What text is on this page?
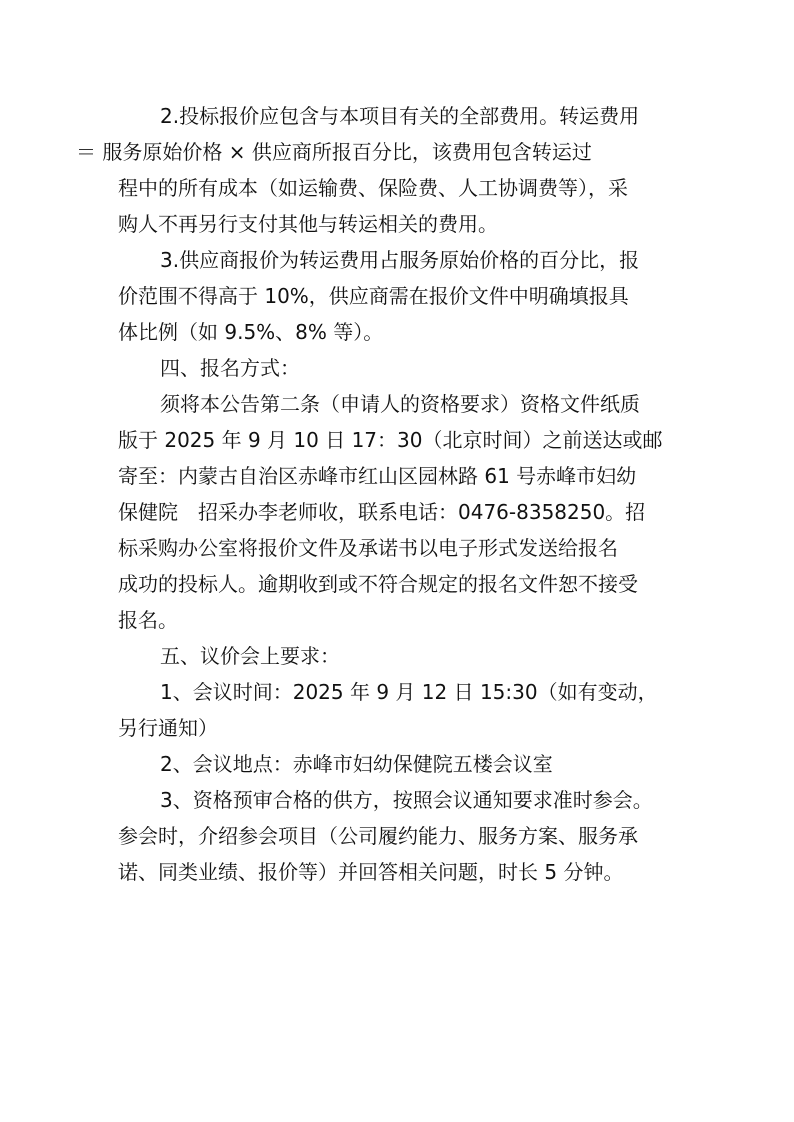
2.投标报价应包含与本项目有关的全部费用。转运费用
＝ 服务原始价格 × 供应商所报百分比，该费用包含转运过
程中的所有成本（如运输费、保险费、人工协调费等），采
购人不再另行支付其他与转运相关的费用。

3.供应商报价为转运费用占服务原始价格的百分比，报
价范围不得高于 10%，供应商需在报价文件中明确填报具
体比例（如 9.5%、8% 等）。

四、报名方式：

须将本公告第二条（申请人的资格要求）资格文件纸质
版于 2025 年 9 月 10 日 17：30（北京时间）之前送达或邮
寄至：内蒙古自治区赤峰市红山区园林路 61 号赤峰市妇幼
保健院　招采办李老师收，联系电话：0476-8358250。招
标采购办公室将报价文件及承诺书以电子形式发送给报名
成功的投标人。逾期收到或不符合规定的报名文件恕不接受
报名。

五、议价会上要求：

1、会议时间：2025 年 9 月 12 日 15:30（如有变动，
另行通知）

2、会议地点：赤峰市妇幼保健院五楼会议室

3、资格预审合格的供方，按照会议通知要求准时参会。
参会时，介绍参会项目（公司履约能力、服务方案、服务承
诺、同类业绩、报价等）并回答相关问题，时长 5 分钟。
